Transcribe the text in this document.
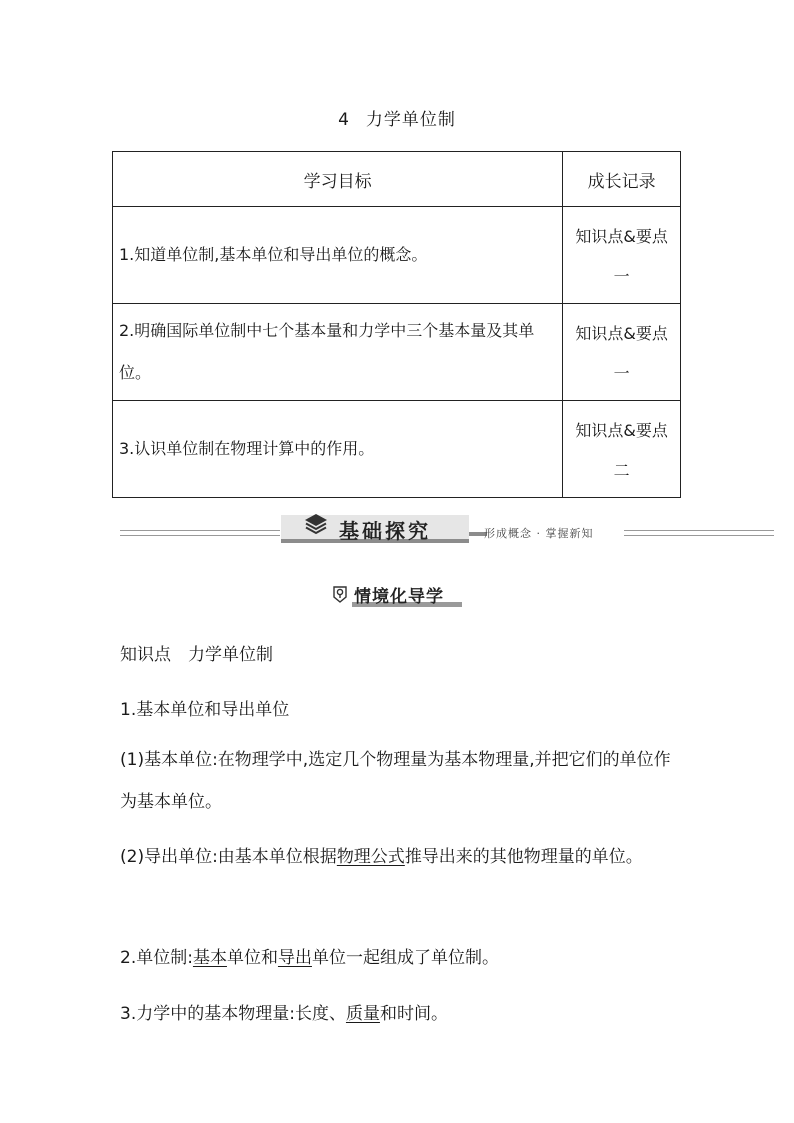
4 力学单位制
学习目标	成长记录
1.知道单位制,基本单位和导出单位的概念。	知识点&要点
一

2.明确国际单位制中七个基本量和力学中三个基本量及其单位。	知识点&要点
一

3.认识单位制在物理计算中的作用。	知识点&要点
二
基础探究	形成概念 · 掌握新知
情境化导学
知识点　力学单位制
1.基本单位和导出单位
(1)基本单位:在物理学中,选定几个物理量为基本物理量,并把它们的单位作为基本单位。
(2)导出单位:由基本单位根据物理公式推导出来的其他物理量的单位。
2.单位制:基本单位和导出单位一起组成了单位制。
3.力学中的基本物理量:长度、质量和时间。
